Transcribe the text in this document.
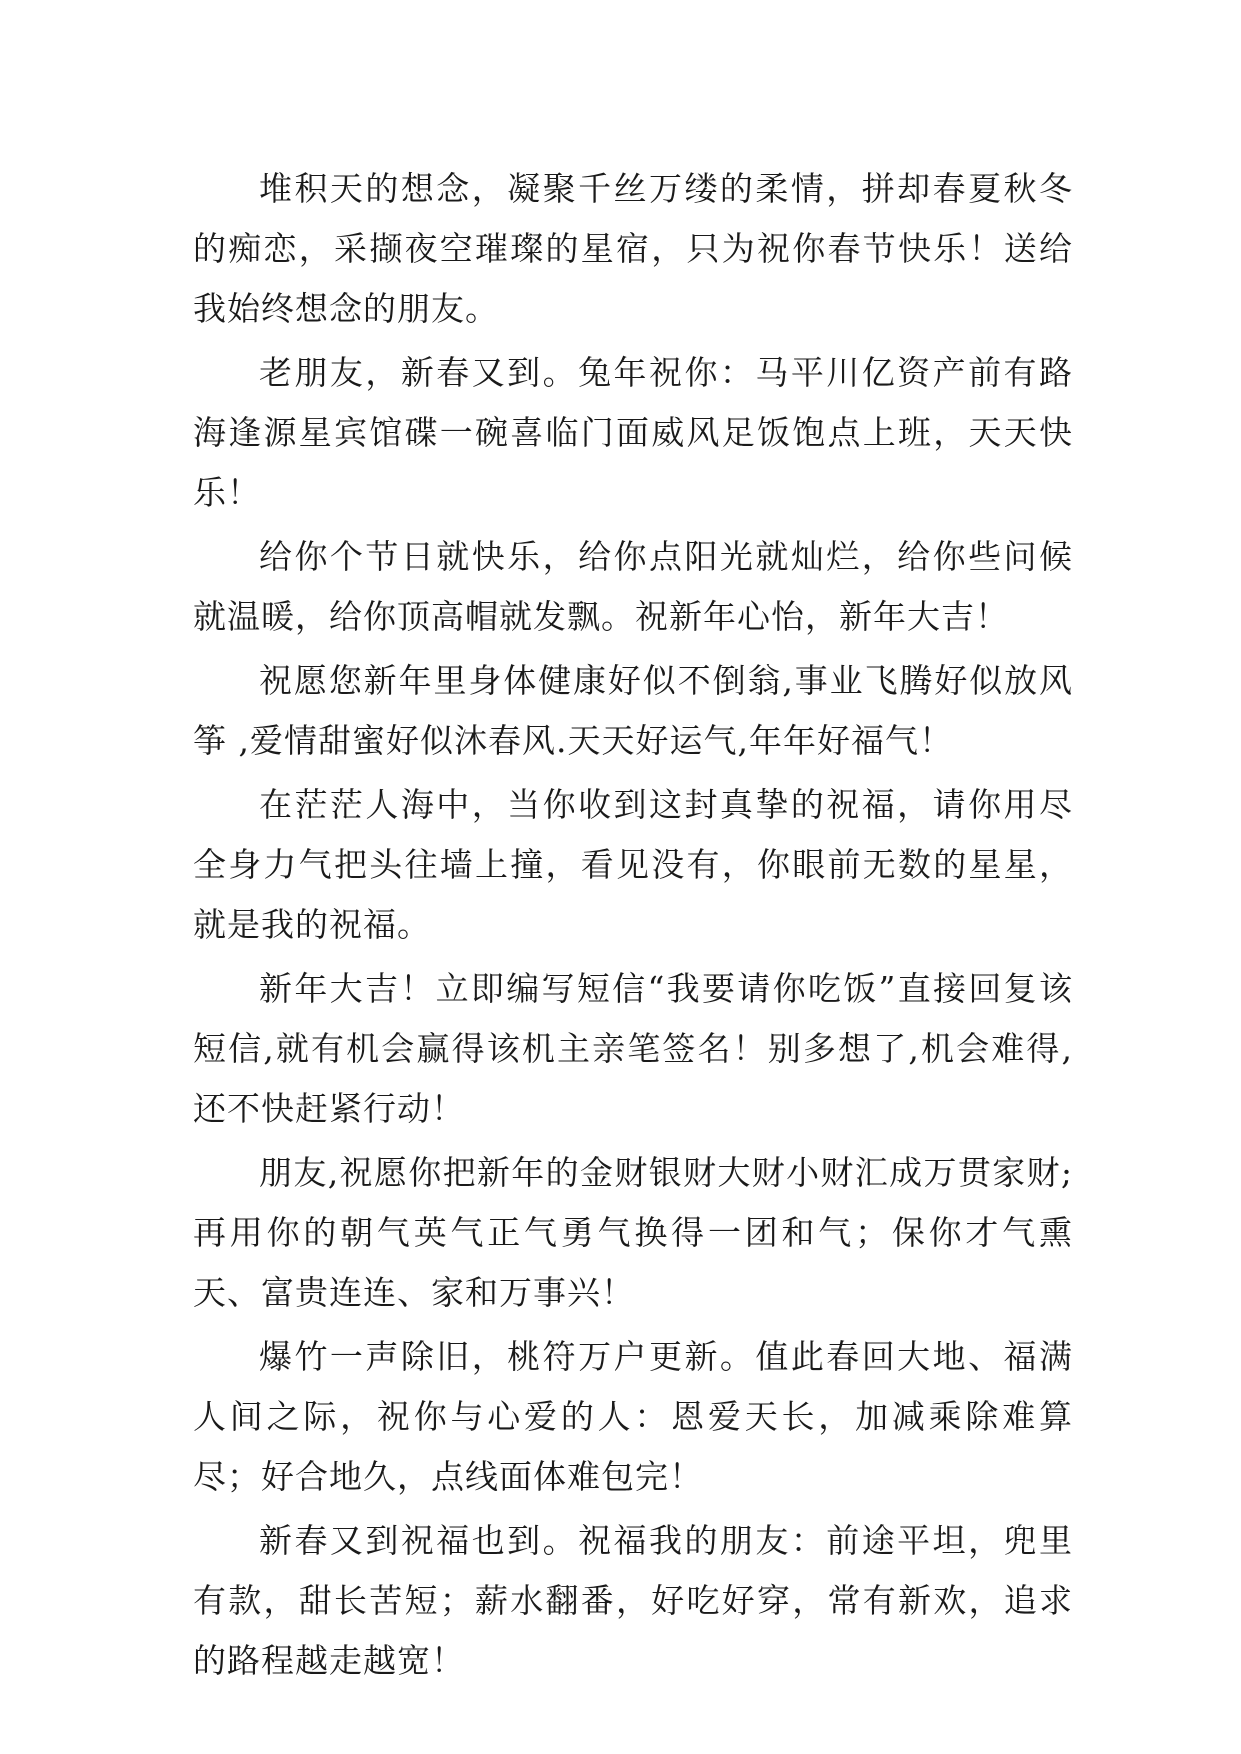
堆积天的想念，凝聚千丝万缕的柔情，拼却春夏秋冬的痴恋，采撷夜空璀璨的星宿，只为祝你春节快乐！送给我始终想念的朋友。

老朋友，新春又到。兔年祝你：马平川亿资产前有路海逢源星宾馆碟一碗喜临门面威风足饭饱点上班，天天快乐！

给你个节日就快乐，给你点阳光就灿烂，给你些问候就温暖，给你顶高帽就发飘。祝新年心怡，新年大吉！

祝愿您新年里身体健康好似不倒翁,事业飞腾好似放风筝 ,爱情甜蜜好似沐春风.天天好运气,年年好福气！

在茫茫人海中，当你收到这封真挚的祝福，请你用尽全身力气把头往墙上撞，看见没有，你眼前无数的星星，就是我的祝福。

新年大吉！立即编写短信“我要请你吃饭”直接回复该短信,就有机会赢得该机主亲笔签名！别多想了,机会难得,还不快赶紧行动！

朋友,祝愿你把新年的金财银财大财小财汇成万贯家财;再用你的朝气英气正气勇气换得一团和气；保你才气熏天、富贵连连、家和万事兴！

爆竹一声除旧，桃符万户更新。值此春回大地、福满人间之际，祝你与心爱的人：恩爱天长，加减乘除难算尽；好合地久，点线面体难包完！

新春又到祝福也到。祝福我的朋友：前途平坦，兜里有款，甜长苦短；薪水翻番，好吃好穿，常有新欢，追求的路程越走越宽！
